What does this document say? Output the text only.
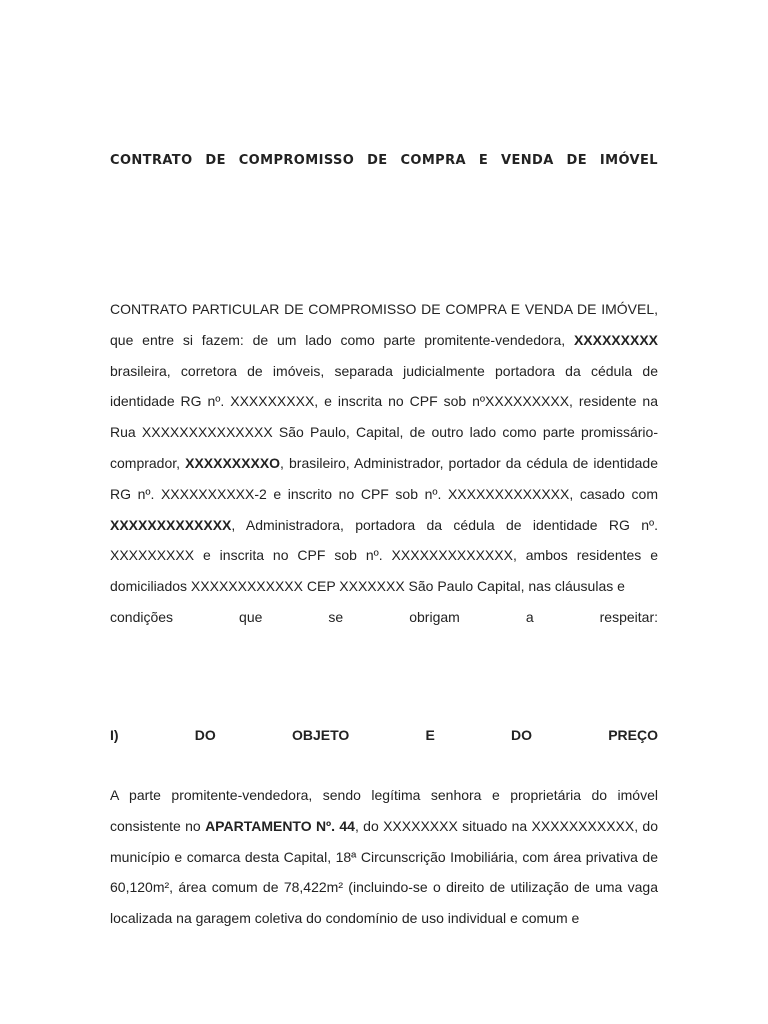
CONTRATO DE COMPROMISSO DE COMPRA E VENDA DE IMÓVEL

CONTRATO PARTICULAR DE COMPROMISSO DE COMPRA E VENDA DE IMÓVEL, que entre si fazem: de um lado como parte promitente-vendedora, XXXXXXXXX brasileira, corretora de imóveis, separada judicialmente portadora da cédula de identidade RG nº. XXXXXXXXX, e inscrita no CPF sob nºXXXXXXXXX, residente na Rua XXXXXXXXXXXXXX São Paulo, Capital, de outro lado como parte promissário-comprador, XXXXXXXXXO, brasileiro, Administrador, portador da cédula de identidade RG nº. XXXXXXXXXX-2 e inscrito no CPF sob nº. XXXXXXXXXXXXX, casado com XXXXXXXXXXXXX, Administradora, portadora da cédula de identidade RG nº. XXXXXXXXX e inscrita no CPF sob nº. XXXXXXXXXXXXX, ambos residentes e domiciliados XXXXXXXXXXXX CEP XXXXXXX São Paulo Capital, nas cláusulas e
condições que se obrigam a respeitar:

I) DO OBJETO E DO PREÇO

A parte promitente-vendedora, sendo legítima senhora e proprietária do imóvel consistente no APARTAMENTO Nº. 44, do XXXXXXXX situado na XXXXXXXXXXX, do município e comarca desta Capital, 18ª Circunscrição Imobiliária, com área privativa de 60,120m², área comum de 78,422m² (incluindo-se o direito de utilização de uma vaga localizada na garagem coletiva do condomínio de uso individual e comum e
